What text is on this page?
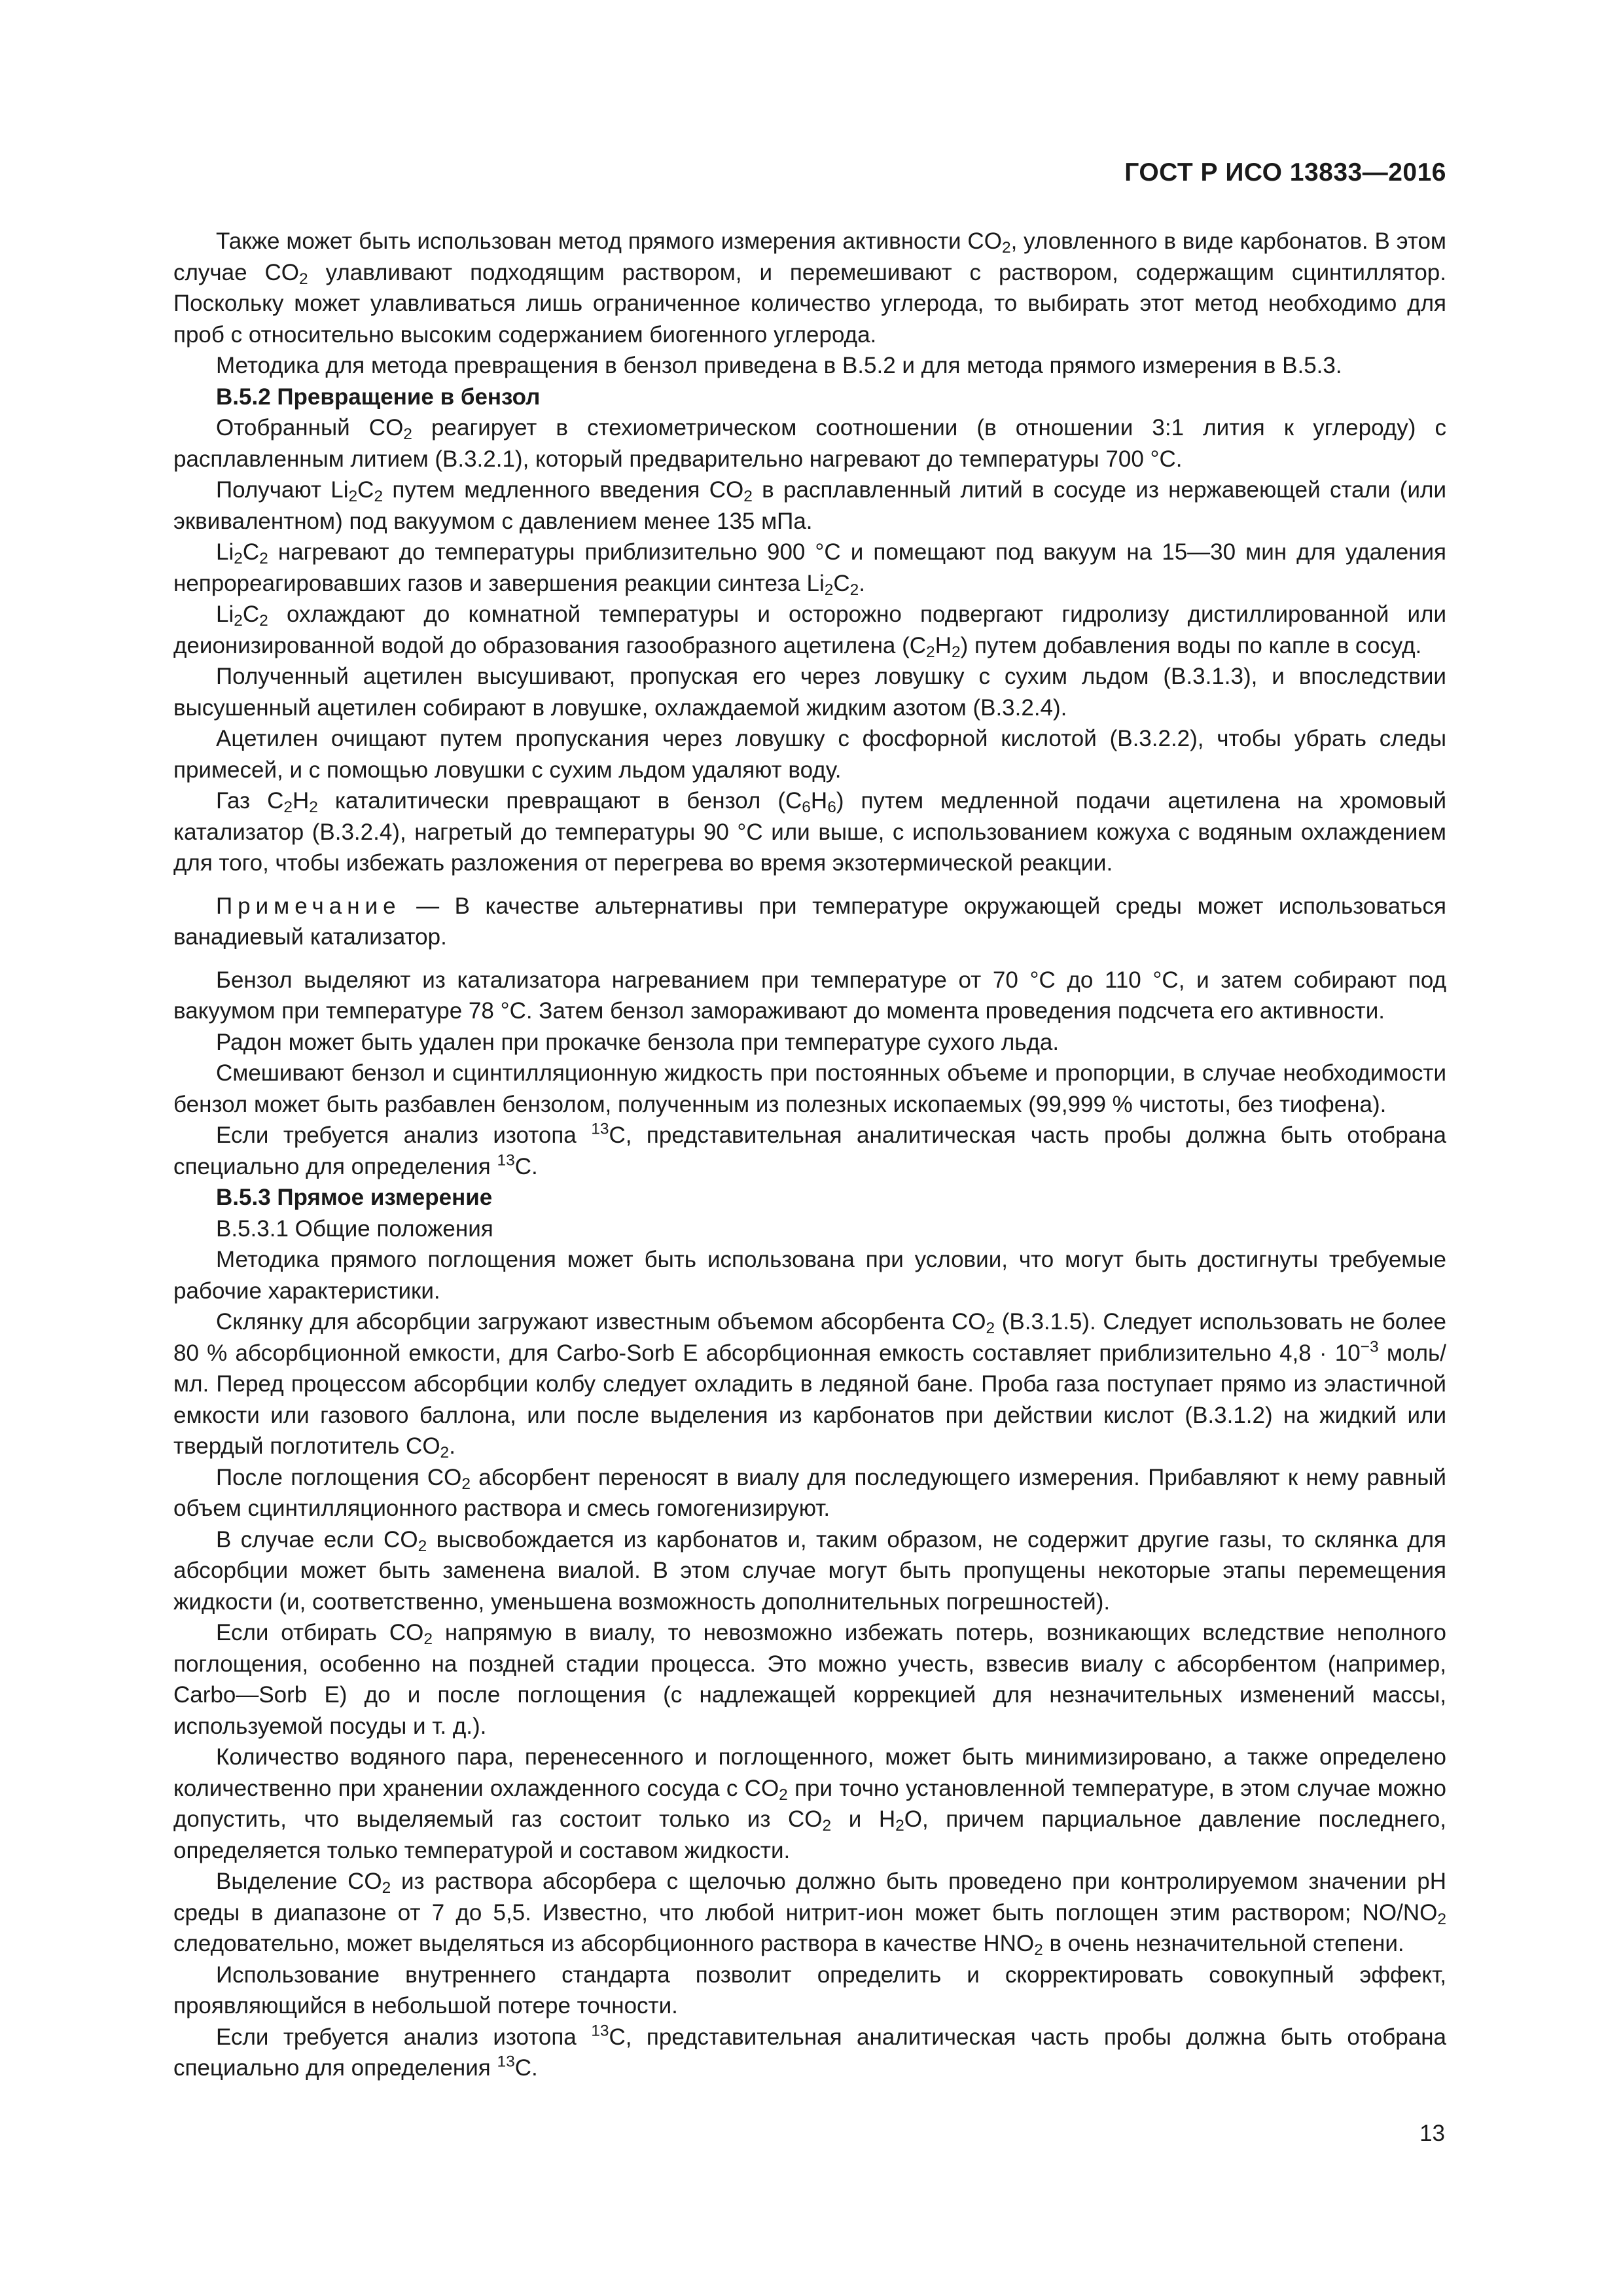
ГОСТ Р ИСО 13833—2016

Также может быть использован метод прямого измерения активности $CO_2$, уловленного в виде карбонатов. В этом случае $CO_2$ улавливают подходящим раствором, и перемешивают с раствором, содержащим сцинтиллятор. Поскольку может улавливаться лишь ограниченное количество углерода, то выбирать этот метод необходимо для проб с относительно высоким содержанием биогенного углерода.

Методика для метода превращения в бензол приведена в В.5.2 и для метода прямого измерения в В.5.3.

В.5.2 Превращение в бензол

Отобранный $CO_2$ реагирует в стехиометрическом соотношении (в отношении 3:1 лития к углероду) с расплавленным литием (В.3.2.1), который предварительно нагревают до температуры 700 °С.

Получают $Li_2C_2$ путем медленного введения $CO_2$ в расплавленный литий в сосуде из нержавеющей стали (или эквивалентном) под вакуумом с давлением менее 135 мПа.

$Li_2C_2$ нагревают до температуры приблизительно 900 °С и помещают под вакуум на 15—30 мин для удаления непрореагировавших газов и завершения реакции синтеза $Li_2C_2$.

$Li_2C_2$ охлаждают до комнатной температуры и осторожно подвергают гидролизу дистиллированной или деионизированной водой до образования газообразного ацетилена $(C_2H_2)$ путем добавления воды по капле в сосуд.

Полученный ацетилен высушивают, пропуская его через ловушку с сухим льдом (В.3.1.3), и впоследствии высушенный ацетилен собирают в ловушке, охлаждаемой жидким азотом (В.3.2.4).

Ацетилен очищают путем пропускания через ловушку с фосфорной кислотой (В.3.2.2), чтобы убрать следы примесей, и с помощью ловушки с сухим льдом удаляют воду.

Газ $C_2H_2$ каталитически превращают в бензол $(C_6H_6)$ путем медленной подачи ацетилена на хромовый катализатор (В.3.2.4), нагретый до температуры 90 °С или выше, с использованием кожуха с водяным охлаждением для того, чтобы избежать разложения от перегрева во время экзотермической реакции.

Примечание — В качестве альтернативы при температуре окружающей среды может использоваться ванадиевый катализатор.

Бензол выделяют из катализатора нагреванием при температуре от 70 °С до 110 °С, и затем собирают под вакуумом при температуре 78 °С. Затем бензол замораживают до момента проведения подсчета его активности.

Радон может быть удален при прокачке бензола при температуре сухого льда.

Смешивают бензол и сцинтилляционную жидкость при постоянных объеме и пропорции, в случае необходимости бензол может быть разбавлен бензолом, полученным из полезных ископаемых (99,999 % чистоты, без тиофена).

Если требуется анализ изотопа $^{13}$C, представительная аналитическая часть пробы должна быть отобрана специально для определения $^{13}$C.

В.5.3 Прямое измерение

В.5.3.1 Общие положения

Методика прямого поглощения может быть использована при условии, что могут быть достигнуты требуемые рабочие характеристики.

Склянку для абсорбции загружают известным объемом абсорбента $CO_2$ (В.3.1.5). Следует использовать не более 80 % абсорбционной емкости, для Carbo-Sorb E абсорбционная емкость составляет приблизительно $4,8 \cdot 10^{-3}$ моль/мл. Перед процессом абсорбции колбу следует охладить в ледяной бане. Проба газа поступает прямо из эластичной емкости или газового баллона, или после выделения из карбонатов при действии кислот (В.3.1.2) на жидкий или твердый поглотитель $CO_2$.

После поглощения $CO_2$ абсорбент переносят в виалу для последующего измерения. Прибавляют к нему равный объем сцинтилляционного раствора и смесь гомогенизируют.

В случае если $CO_2$ высвобождается из карбонатов и, таким образом, не содержит другие газы, то склянка для абсорбции может быть заменена виалой. В этом случае могут быть пропущены некоторые этапы перемещения жидкости (и, соответственно, уменьшена возможность дополнительных погрешностей).

Если отбирать $CO_2$ напрямую в виалу, то невозможно избежать потерь, возникающих вследствие неполного поглощения, особенно на поздней стадии процесса. Это можно учесть, взвесив виалу с абсорбентом (например, Carbo—Sorb E) до и после поглощения (с надлежащей коррекцией для незначительных изменений массы, используемой посуды и т. д.).

Количество водяного пара, перенесенного и поглощенного, может быть минимизировано, а также определено количественно при хранении охлажденного сосуда с $CO_2$ при точно установленной температуре, в этом случае можно допустить, что выделяемый газ состоит только из $CO_2$ и $H_2O$, причем парциальное давление последнего, определяется только температурой и составом жидкости.

Выделение $CO_2$ из раствора абсорбера с щелочью должно быть проведено при контролируемом значении pH среды в диапазоне от 7 до 5,5. Известно, что любой нитрит-ион может быть поглощен этим раствором; $NO/NO_2$ следовательно, может выделяться из абсорбционного раствора в качестве $HNO_2$ в очень незначительной степени.

Использование внутреннего стандарта позволит определить и скорректировать совокупный эффект, проявляющийся в небольшой потере точности.

Если требуется анализ изотопа $^{13}$C, представительная аналитическая часть пробы должна быть отобрана специально для определения $^{13}$C.

13
